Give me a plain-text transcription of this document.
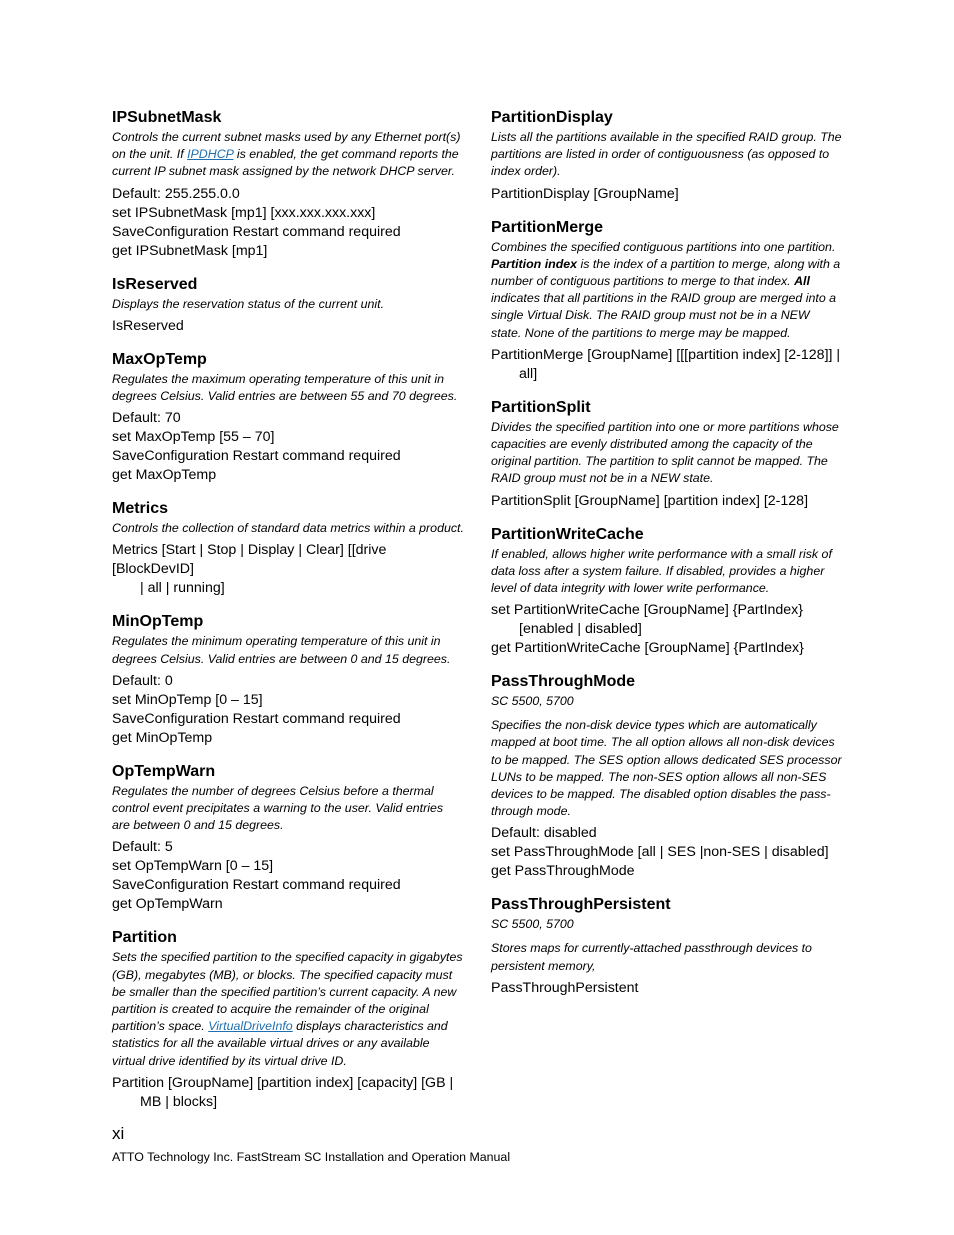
IPSubnetMask

Controls the current subnet masks used by any Ethernet port(s) on the unit. If IPDHCP is enabled, the get command reports the current IP subnet mask assigned by the network DHCP server.

Default: 255.255.0.0

set IPSubnetMask [mp1] [xxx.xxx.xxx.xxx]

SaveConfiguration Restart command required

get IPSubnetMask [mp1]

IsReserved

Displays the reservation status of the current unit.

IsReserved

MaxOpTemp

Regulates the maximum operating temperature of this unit in degrees Celsius. Valid entries are between 55 and 70 degrees.

Default: 70

set MaxOpTemp [55 – 70]

SaveConfiguration Restart command required

get MaxOpTemp

Metrics

Controls the collection of standard data metrics within a product.

Metrics [Start | Stop | Display | Clear] [[drive [BlockDevID]
| all | running]

MinOpTemp

Regulates the minimum operating temperature of this unit in degrees Celsius. Valid entries are between 0 and 15 degrees.

Default: 0

set MinOpTemp [0 – 15]

SaveConfiguration Restart command required

get MinOpTemp

OpTempWarn

Regulates the number of degrees Celsius before a thermal control event precipitates a warning to the user. Valid entries are between 0 and 15 degrees.

Default: 5

set OpTempWarn [0 – 15]

SaveConfiguration Restart command required

get OpTempWarn

Partition

Sets the specified partition to the specified capacity in gigabytes (GB), megabytes (MB), or blocks. The specified capacity must be smaller than the specified partition’s current capacity. A new partition is created to acquire the remainder of the original partition’s space. VirtualDriveInfo displays characteristics and statistics for all the available virtual drives or any available virtual drive identified by its virtual drive ID.

Partition [GroupName] [partition index] [capacity] [GB |
MB | blocks]

PartitionDisplay

Lists all the partitions available in the specified RAID group. The partitions are listed in order of contiguousness (as opposed to index order).

PartitionDisplay [GroupName]

PartitionMerge

Combines the specified contiguous partitions into one partition. Partition index is the index of a partition to merge, along with a number of contiguous partitions to merge to that index. All indicates that all partitions in the RAID group are merged into a single Virtual Disk. The RAID group must not be in a NEW state. None of the partitions to merge may be mapped.

PartitionMerge [GroupName] [[[partition index] [2-128]] |
all]

PartitionSplit

Divides the specified partition into one or more partitions whose capacities are evenly distributed among the capacity of the original partition. The partition to split cannot be mapped. The RAID group must not be in a NEW state.

PartitionSplit [GroupName] [partition index] [2-128]

PartitionWriteCache

If enabled, allows higher write performance with a small risk of data loss after a system failure. If disabled, provides a higher level of data integrity with lower write performance.

set PartitionWriteCache [GroupName] {PartIndex}
[enabled | disabled]

get PartitionWriteCache [GroupName] {PartIndex}

PassThroughMode

SC 5500, 5700

Specifies the non-disk device types which are automatically mapped at boot time. The all option allows all non-disk devices to be mapped. The SES option allows dedicated SES processor LUNs to be mapped. The non-SES option allows all non-SES devices to be mapped. The disabled option disables the pass-through mode.

Default: disabled

set PassThroughMode [all | SES |non-SES | disabled]

get PassThroughMode

PassThroughPersistent

SC 5500, 5700

Stores maps for currently-attached passthrough devices to persistent memory,

PassThroughPersistent

xi
ATTO Technology Inc. FastStream SC Installation and Operation Manual
